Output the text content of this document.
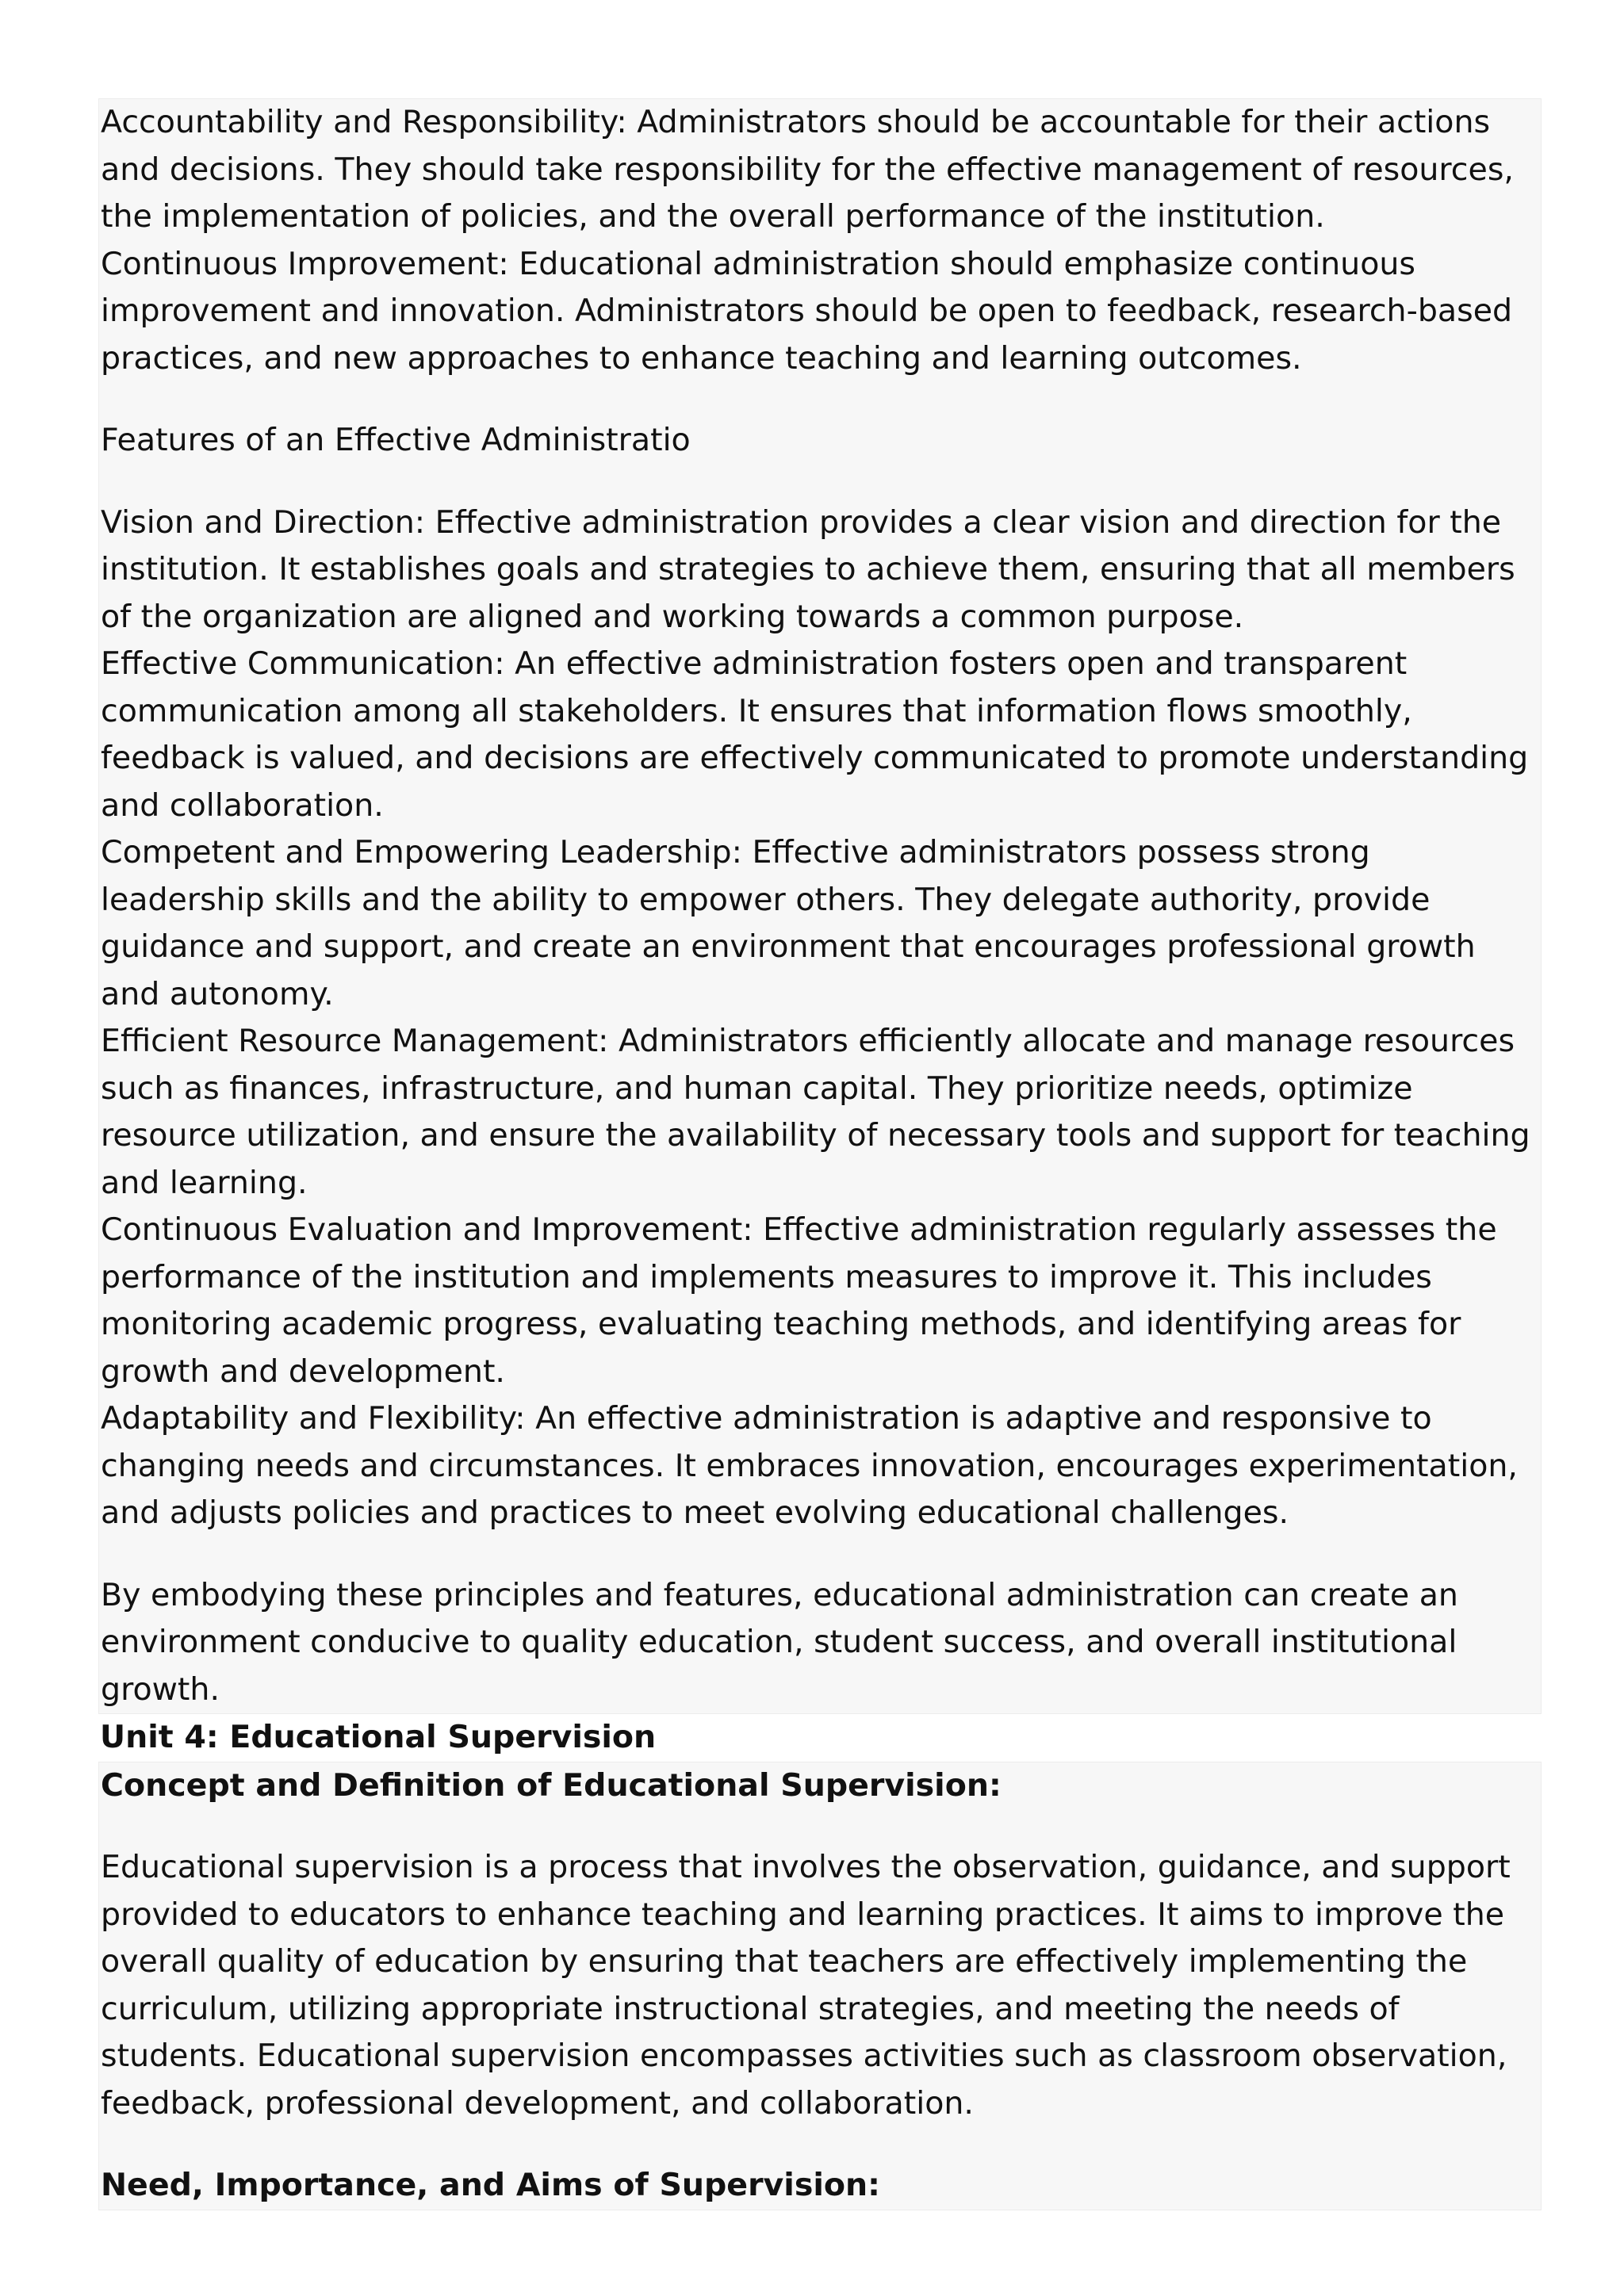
Accountability and Responsibility: Administrators should be accountable for their actions and decisions. They should take responsibility for the effective management of resources, the implementation of policies, and the overall performance of the institution.

Continuous Improvement: Educational administration should emphasize continuous improvement and innovation. Administrators should be open to feedback, research-based practices, and new approaches to enhance teaching and learning outcomes.

Features of an Effective Administratio

Vision and Direction: Effective administration provides a clear vision and direction for the institution. It establishes goals and strategies to achieve them, ensuring that all members of the organization are aligned and working towards a common purpose.

Effective Communication: An effective administration fosters open and transparent communication among all stakeholders. It ensures that information flows smoothly, feedback is valued, and decisions are effectively communicated to promote understanding and collaboration.

Competent and Empowering Leadership: Effective administrators possess strong leadership skills and the ability to empower others. They delegate authority, provide guidance and support, and create an environment that encourages professional growth and autonomy.

Efficient Resource Management: Administrators efficiently allocate and manage resources such as finances, infrastructure, and human capital. They prioritize needs, optimize resource utilization, and ensure the availability of necessary tools and support for teaching and learning.

Continuous Evaluation and Improvement: Effective administration regularly assesses the performance of the institution and implements measures to improve it. This includes monitoring academic progress, evaluating teaching methods, and identifying areas for growth and development.

Adaptability and Flexibility: An effective administration is adaptive and responsive to changing needs and circumstances. It embraces innovation, encourages experimentation, and adjusts policies and practices to meet evolving educational challenges.

By embodying these principles and features, educational administration can create an environment conducive to quality education, student success, and overall institutional growth.

Unit 4: Educational Supervision

Concept and Definition of Educational Supervision:

Educational supervision is a process that involves the observation, guidance, and support provided to educators to enhance teaching and learning practices. It aims to improve the overall quality of education by ensuring that teachers are effectively implementing the curriculum, utilizing appropriate instructional strategies, and meeting the needs of students. Educational supervision encompasses activities such as classroom observation, feedback, professional development, and collaboration.

Need, Importance, and Aims of Supervision:
